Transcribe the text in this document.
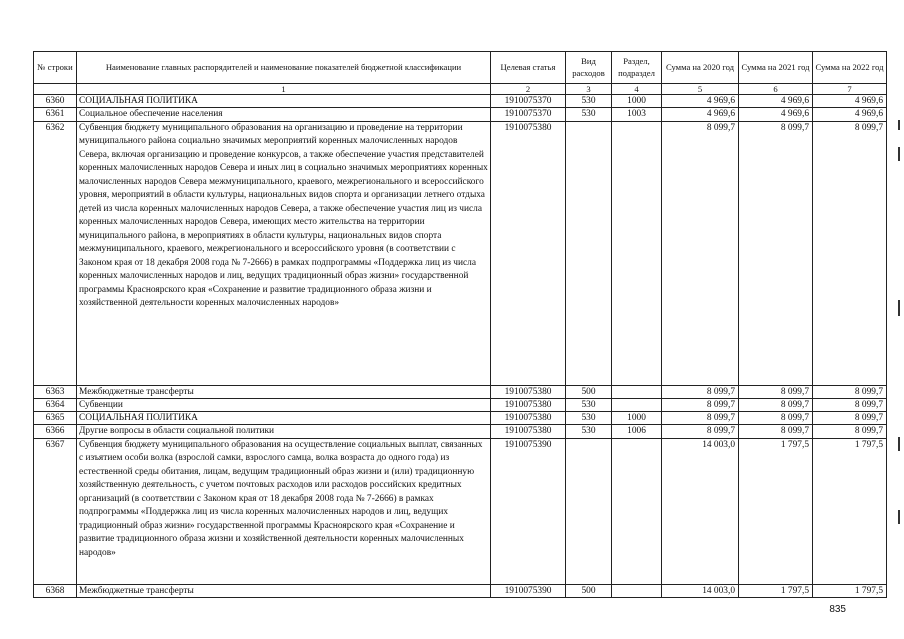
№ строки	Наименование главных распорядителей и наименование показателей бюджетной классификации	Целевая статья	Вид расходов	Раздел, подраздел	Сумма на 2020 год	Сумма на 2021 год	Сумма на 2022 год
	1	2	3	4	5	6	7
6360	СОЦИАЛЬНАЯ ПОЛИТИКА	1910075370	530	1000	4 969,6	4 969,6	4 969,6
6361	Социальное обеспечение населения	1910075370	530	1003	4 969,6	4 969,6	4 969,6
6362	Субвенция бюджету муниципального образования на организацию и проведение на территории муниципального района социально значимых мероприятий коренных малочисленных народов Севера, включая организацию и проведение конкурсов, а также обеспечение участия представителей коренных малочисленных народов Севера и иных лиц в социально значимых мероприятиях коренных малочисленных народов Севера межмуниципального, краевого, межрегионального и всероссийского уровня, мероприятий в области культуры, национальных видов спорта и организации летнего отдыха детей из числа коренных малочисленных народов Севера, а также обеспечение участия лиц из числа коренных малочисленных народов Севера, имеющих место жительства на территории муниципального района, в мероприятиях в области культуры, национальных видов спорта межмуниципального, краевого, межрегионального и всероссийского уровня (в соответствии с Законом края от 18 декабря 2008 года № 7-2666) в рамках подпрограммы «Поддержка лиц из числа коренных малочисленных народов и лиц, ведущих традиционный образ жизни» государственной программы Красноярского края «Сохранение и развитие традиционного образа жизни и хозяйственной деятельности коренных малочисленных народов»	1910075380			8 099,7	8 099,7	8 099,7
6363	Межбюджетные трансферты	1910075380	500		8 099,7	8 099,7	8 099,7
6364	Субвенции	1910075380	530		8 099,7	8 099,7	8 099,7
6365	СОЦИАЛЬНАЯ ПОЛИТИКА	1910075380	530	1000	8 099,7	8 099,7	8 099,7
6366	Другие вопросы в области социальной политики	1910075380	530	1006	8 099,7	8 099,7	8 099,7
6367	Субвенция бюджету муниципального образования на осуществление социальных выплат, связанных с изъятием особи волка (взрослой самки, взрослого самца, волка возраста до одного года) из естественной среды обитания, лицам, ведущим традиционный образ жизни и (или) традиционную хозяйственную деятельность, с учетом почтовых расходов или расходов российских кредитных организаций (в соответствии с Законом края от 18 декабря 2008 года № 7-2666) в рамках подпрограммы «Поддержка лиц из числа коренных малочисленных народов и лиц, ведущих традиционный образ жизни» государственной программы Красноярского края «Сохранение и развитие традиционного образа жизни и хозяйственной деятельности коренных малочисленных народов»	1910075390			14 003,0	1 797,5	1 797,5
6368	Межбюджетные трансферты	1910075390	500		14 003,0	1 797,5	1 797,5
835
